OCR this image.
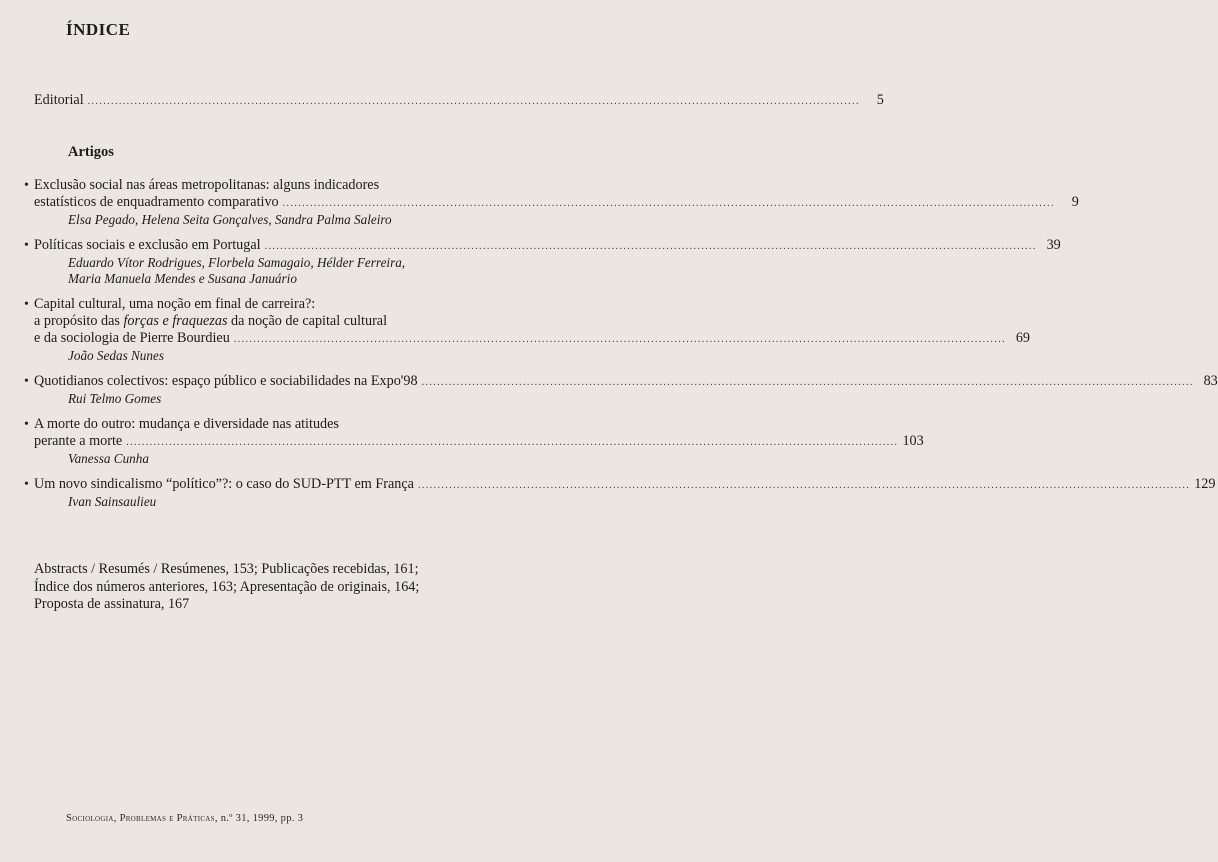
ÍNDICE
Editorial ......................................................................................................................................................................................................	5
Artigos
• Exclusão social nas áreas metropolitanas: alguns indicadores
estatísticos de enquadramento comparativo ......................................................................................................................................................................................................	9
Elsa Pegado, Helena Seita Gonçalves, Sandra Palma Saleiro
• Políticas sociais e exclusão em Portugal ...................................................................................................................................................................................................... 39
Eduardo Vítor Rodrigues, Florbela Samagaio, Hélder Ferreira,
Maria Manuela Mendes e Susana Januário
• Capital cultural, uma noção em final de carreira?:
a propósito das forças e fraquezas da noção de capital cultural
e da sociologia de Pierre Bourdieu ...................................................................................................................................................................................................... 69
João Sedas Nunes
• Quotidianos colectivos: espaço público e sociabilidades na Expo'98 ...................................................................................................................................................................................................... 83
Rui Telmo Gomes
• A morte do outro: mudança e diversidade nas atitudes
perante a morte ...................................................................................................................................................................................................... 103
Vanessa Cunha
• Um novo sindicalismo “político”?: o caso do SUD-PTT em França ...................................................................................................................................................................................................... 129
Ivan Sainsaulieu
Abstracts / Resumés / Resúmenes, 153; Publicações recebidas, 161;
Índice dos números anteriores, 163; Apresentação de originais, 164;
Proposta de assinatura, 167
Sociologia, Problemas e Práticas, n.º 31, 1999, pp. 3
